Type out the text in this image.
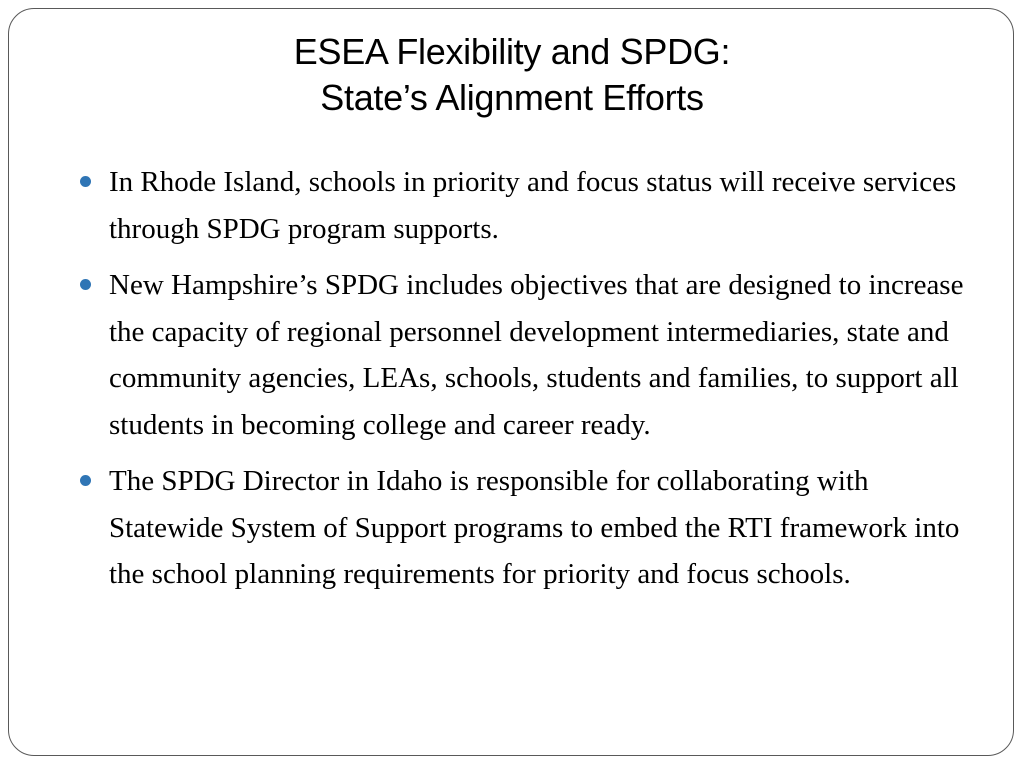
ESEA Flexibility and SPDG:
State’s Alignment Efforts
In Rhode Island, schools in priority and focus status will receive services through SPDG program supports.
New Hampshire’s SPDG includes objectives that are designed to increase the capacity of regional personnel development intermediaries, state and community agencies, LEAs, schools, students and families, to support all students in becoming college and career ready.
The SPDG Director in Idaho is responsible for collaborating with Statewide System of Support programs to embed the RTI framework into the school planning requirements for priority and focus schools.
